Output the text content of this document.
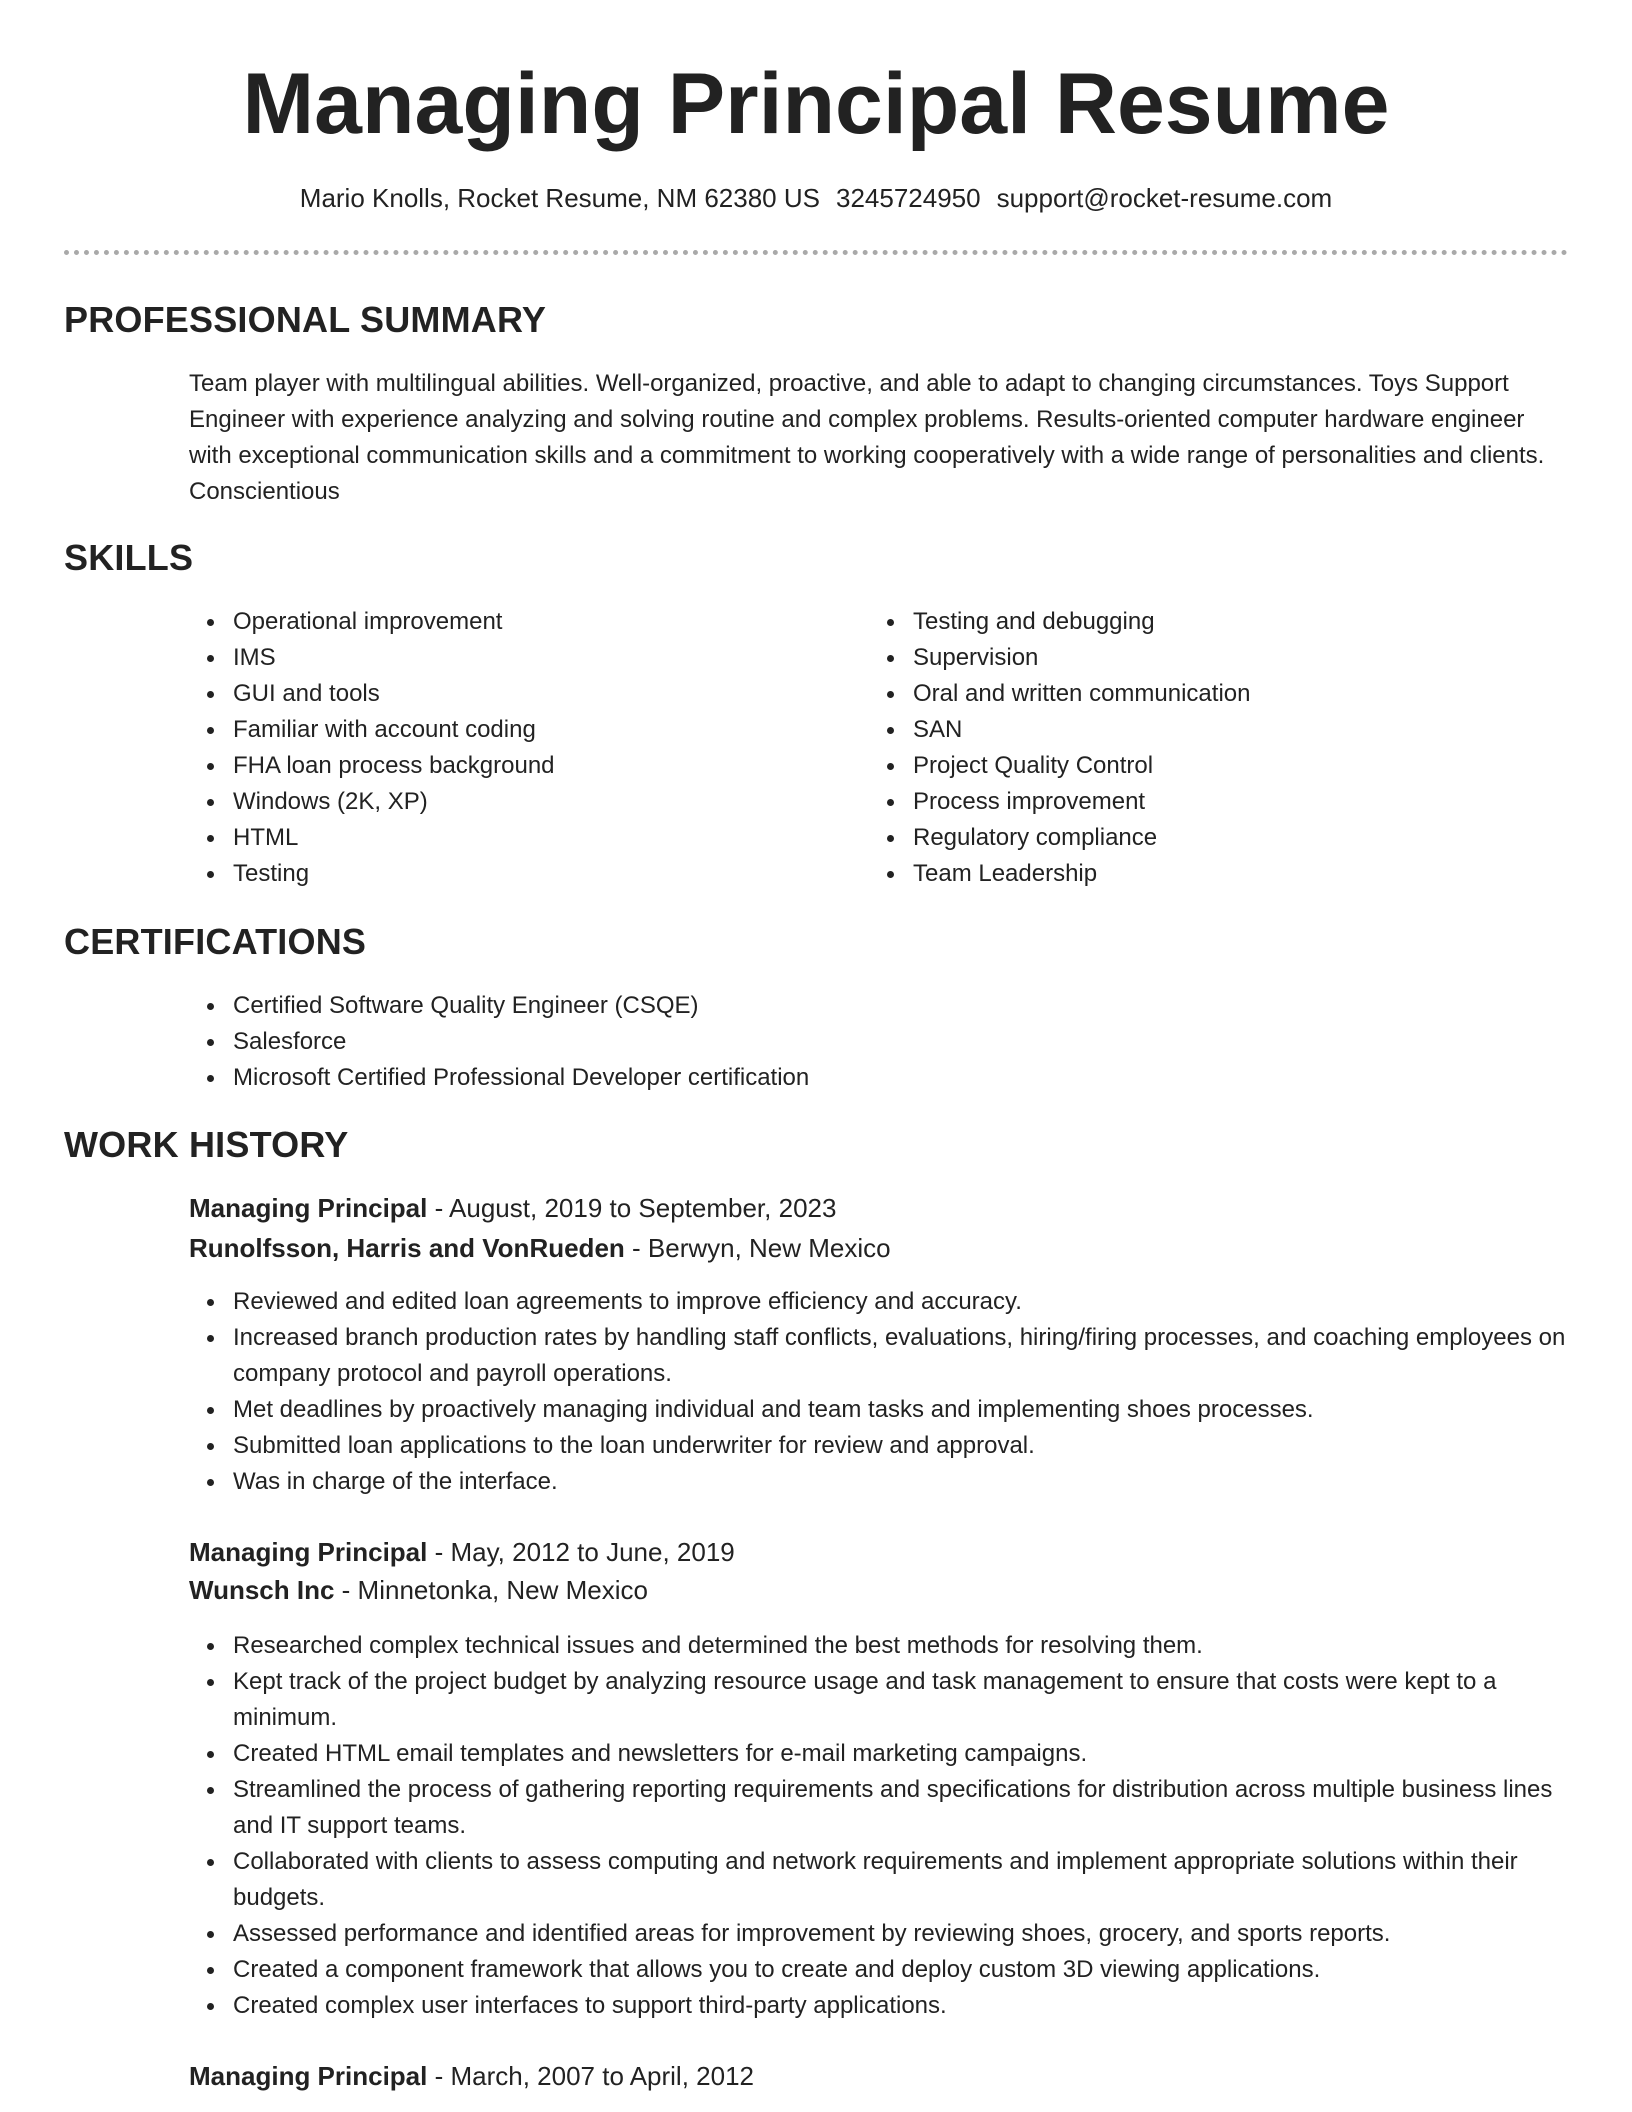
Managing Principal Resume
Mario Knolls, Rocket Resume, NM 62380 US 3245724950 support@rocket-resume.com
PROFESSIONAL SUMMARY

Team player with multilingual abilities. Well-organized, proactive, and able to adapt to changing circumstances. Toys Support Engineer with experience analyzing and solving routine and complex problems. Results-oriented computer hardware engineer with exceptional communication skills and a commitment to working cooperatively with a wide range of personalities and clients. Conscientious

SKILLS
Operational improvement
IMS
GUI and tools
Familiar with account coding
FHA loan process background
Windows (2K, XP)
HTML
Testing
Testing and debugging
Supervision
Oral and written communication
SAN
Project Quality Control
Process improvement
Regulatory compliance
Team Leadership
CERTIFICATIONS
Certified Software Quality Engineer (CSQE)
Salesforce
Microsoft Certified Professional Developer certification
WORK HISTORY

Managing Principal - August, 2019 to September, 2023

Runolfsson, Harris and VonRueden - Berwyn, New Mexico

Reviewed and edited loan agreements to improve efficiency and accuracy.
Increased branch production rates by handling staff conflicts, evaluations, hiring/firing processes, and coaching employees on company protocol and payroll operations.
Met deadlines by proactively managing individual and team tasks and implementing shoes processes.
Submitted loan applications to the loan underwriter for review and approval.
Was in charge of the interface.

Managing Principal - May, 2012 to June, 2019

Wunsch Inc - Minnetonka, New Mexico

Researched complex technical issues and determined the best methods for resolving them.
Kept track of the project budget by analyzing resource usage and task management to ensure that costs were kept to a minimum.
Created HTML email templates and newsletters for e-mail marketing campaigns.
Streamlined the process of gathering reporting requirements and specifications for distribution across multiple business lines and IT support teams.
Collaborated with clients to assess computing and network requirements and implement appropriate solutions within their budgets.
Assessed performance and identified areas for improvement by reviewing shoes, grocery, and sports reports.
Created a component framework that allows you to create and deploy custom 3D viewing applications.
Created complex user interfaces to support third-party applications.

Managing Principal - March, 2007 to April, 2012
